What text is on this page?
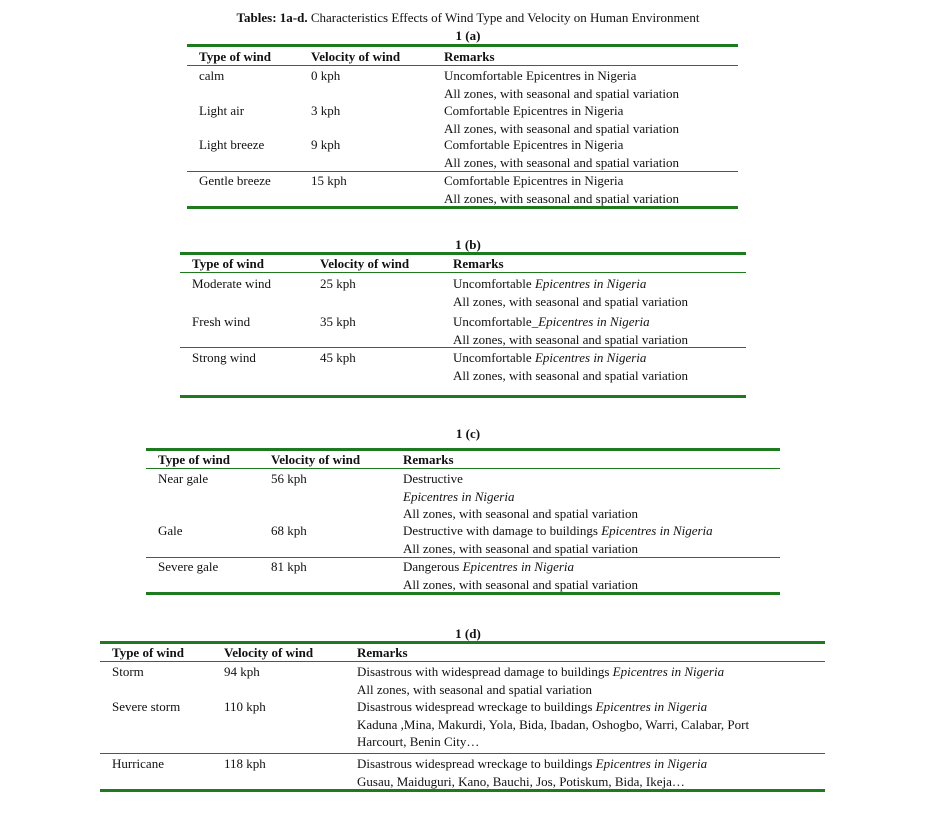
Tables: 1a-d. Characteristics Effects of Wind Type and Velocity on Human Environment
1 (a)
Type of wind	Velocity of wind	Remarks
calm	0 kph	Uncomfortable Epicentres in Nigeria
All zones, with seasonal and spatial variation
Light air	3 kph	Comfortable Epicentres in Nigeria
All zones, with seasonal and spatial variation
Light breeze	9 kph	Comfortable Epicentres in Nigeria
All zones, with seasonal and spatial variation
Gentle breeze	15 kph	Comfortable Epicentres in Nigeria
All zones, with seasonal and spatial variation
1 (b)
Type of wind	Velocity of wind	Remarks
Moderate wind	25 kph	Uncomfortable Epicentres in Nigeria
All zones, with seasonal and spatial variation
Fresh wind	35 kph	Uncomfortable_Epicentres in Nigeria
All zones, with seasonal and spatial variation
Strong wind	45 kph	Uncomfortable Epicentres in Nigeria
All zones, with seasonal and spatial variation
1 (c)
Type of wind	Velocity of wind	Remarks
Near gale	56 kph	Destructive
Epicentres in Nigeria
All zones, with seasonal and spatial variation
Gale	68 kph	Destructive with damage to buildings Epicentres in Nigeria
All zones, with seasonal and spatial variation
Severe gale	81 kph	Dangerous Epicentres in Nigeria
All zones, with seasonal and spatial variation
1 (d)
Type of wind	Velocity of wind	Remarks
Storm	94 kph	Disastrous with widespread damage to buildings Epicentres in Nigeria
All zones, with seasonal and spatial variation
Severe storm	110 kph	Disastrous widespread wreckage to buildings Epicentres in Nigeria
Kaduna ,Mina, Makurdi, Yola, Bida, Ibadan, Oshogbo, Warri, Calabar, Port
Harcourt, Benin City…
Hurricane	118 kph	Disastrous widespread wreckage to buildings Epicentres in Nigeria
Gusau, Maiduguri, Kano, Bauchi, Jos, Potiskum, Bida, Ikeja…
